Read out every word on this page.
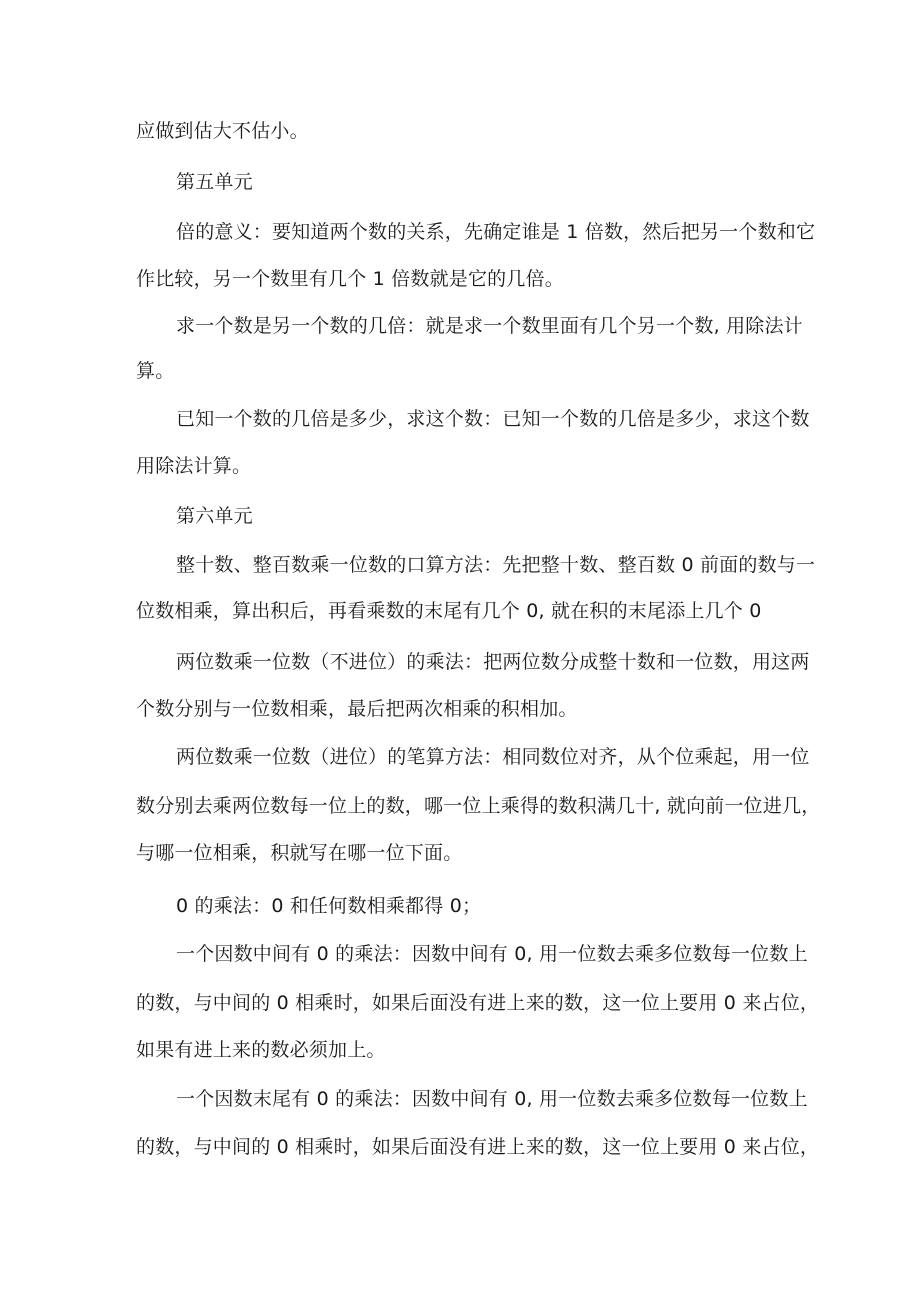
应做到估大不估小。

第五单元

倍的意义：要知道两个数的关系，先确定谁是 1 倍数，然后把另一个数和它

作比较，另一个数里有几个 1 倍数就是它的几倍。

求一个数是另一个数的几倍：就是求一个数里面有几个另一个数, 用除法计

算。

已知一个数的几倍是多少，求这个数：已知一个数的几倍是多少，求这个数

用除法计算。

第六单元

整十数、整百数乘一位数的口算方法：先把整十数、整百数 0 前面的数与一

位数相乘，算出积后，再看乘数的末尾有几个 0, 就在积的末尾添上几个 0

两位数乘一位数（不进位）的乘法：把两位数分成整十数和一位数，用这两

个数分别与一位数相乘，最后把两次相乘的积相加。

两位数乘一位数（进位）的笔算方法：相同数位对齐，从个位乘起，用一位

数分别去乘两位数每一位上的数，哪一位上乘得的数积满几十, 就向前一位进几，

与哪一位相乘，积就写在哪一位下面。

0 的乘法：0 和任何数相乘都得 0；

一个因数中间有 0 的乘法：因数中间有 0, 用一位数去乘多位数每一位数上

的数，与中间的 0 相乘时，如果后面没有进上来的数，这一位上要用 0 来占位，

如果有进上来的数必须加上。

一个因数末尾有 0 的乘法：因数中间有 0, 用一位数去乘多位数每一位数上

的数，与中间的 0 相乘时，如果后面没有进上来的数，这一位上要用 0 来占位，
